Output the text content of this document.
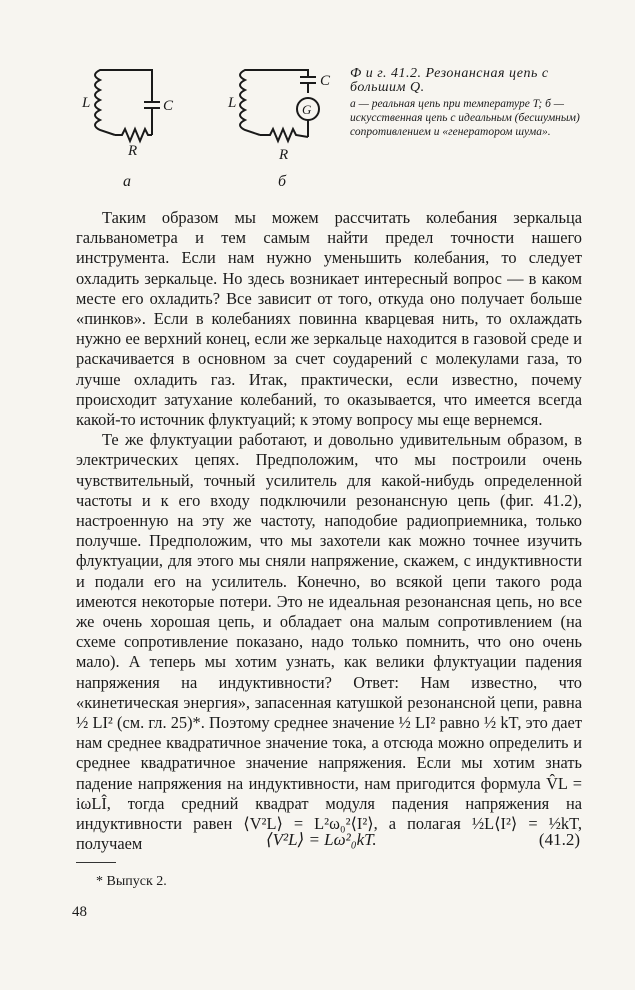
L	C
R
L
C
G
R
а	б
Ф и г. 41.2. Резонансная цепь с большим Q.
а — реальная цепь при температуре T; б — искусственная цепь с идеальным (бесшумным) сопротивлением и «генератором шума».

Таким образом мы можем рассчитать колебания зеркальца гальванометра и тем самым найти предел точности нашего инструмента. Если нам нужно уменьшить колебания, то следует охладить зеркальце. Но здесь возникает интересный вопрос — в каком месте его охладить? Все зависит от того, откуда оно получает больше «пинков». Если в колебаниях повинна кварцевая нить, то охлаждать нужно ее верхний конец, если же зеркальце находится в газовой среде и раскачивается в основном за счет соударений с молекулами газа, то лучше охладить газ. Итак, практически, если известно, почему происходит затухание колебаний, то оказывается, что имеется всегда какой-то источник флуктуаций; к этому вопросу мы еще вернемся.

Те же флуктуации работают, и довольно удивительным образом, в электрических цепях. Предположим, что мы построили очень чувствительный, точный усилитель для какой-нибудь определенной частоты и к его входу подключили резонансную цепь (фиг. 41.2), настроенную на эту же частоту, наподобие радиоприемника, только получше. Предположим, что мы захотели как можно точнее изучить флуктуации, для этого мы сняли напряжение, скажем, с индуктивности и подали его на усилитель. Конечно, во всякой цепи такого рода имеются некоторые потери. Это не идеальная резонансная цепь, но все же очень хорошая цепь, и обладает она малым сопротивлением (на схеме сопротивление показано, надо только помнить, что оно очень мало). А теперь мы хотим узнать, как велики флуктуации падения напряжения на индуктивности? Ответ: Нам известно, что «кинетическая энергия», запасенная катушкой резонансной цепи, равна ½ LI² (см. гл. 25)*. Поэтому среднее значение ½ LI² равно ½ kT, это дает нам среднее квадратичное значение тока, а отсюда можно определить и среднее квадратичное значение напряжения. Если мы хотим знать падение напряжения на индуктивности, нам пригодится формула V̂L = iωLÎ, тогда средний квадрат модуля падения напряжения на индуктивности равен ⟨V²L⟩ = L²ω₀²⟨I²⟩, а полагая ½L⟨I²⟩ = ½kT, получаем	⟨V²L⟩ = Lω²₀kT.	(41.2)
* Выпуск 2.
48
